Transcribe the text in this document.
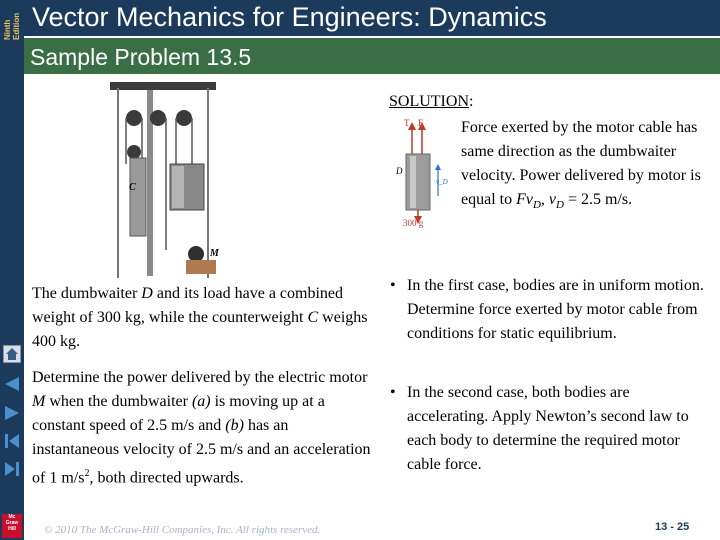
Ninth Edition Vector Mechanics for Engineers: Dynamics
Sample Problem 13.5
Mc Graw Hill
C
M
T F
D
v_D
300 g
SOLUTION:
Force exerted by the motor cable has same direction as the dumbwaiter velocity. Power delivered by motor is equal to $Fv_D$, $v_D = 2.5$ m/s.
The dumbwaiter D and its load have a combined weight of 300 kg, while the counterweight C weighs 400 kg.
Determine the power delivered by the electric motor M when the dumbwaiter (a) is moving up at a constant speed of 2.5 m/s and (b) has an instantaneous velocity of 2.5 m/s and an acceleration of 1 $m/s^2$, both directed upwards.
• In the first case, bodies are in uniform motion. Determine force exerted by motor cable from conditions for static equilibrium.
• In the second case, both bodies are accelerating. Apply Newton’s second law to each body to determine the required motor cable force.
© 2010 The McGraw-Hill Companies, Inc. All rights reserved.	13 - 25
